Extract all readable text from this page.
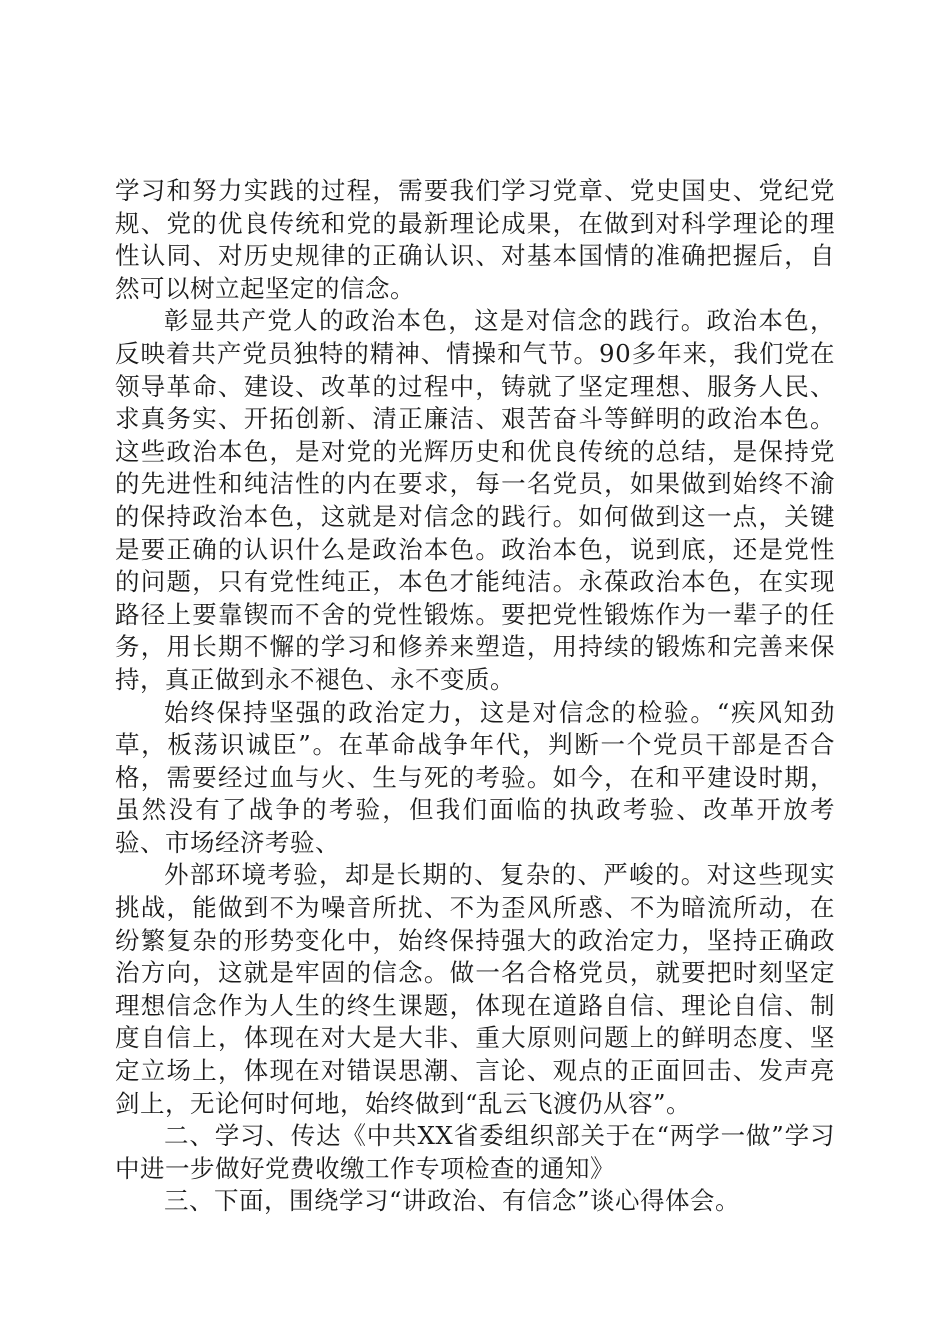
学习和努力实践的过程，需要我们学习党章、党史国史、党纪党规、党的优良传统和党的最新理论成果，在做到对科学理论的理性认同、对历史规律的正确认识、对基本国情的准确把握后，自然可以树立起坚定的信念。

彰显共产党人的政治本色，这是对信念的践行。政治本色，反映着共产党员独特的精神、情操和气节。90多年来，我们党在领导革命、建设、改革的过程中，铸就了坚定理想、服务人民、求真务实、开拓创新、清正廉洁、艰苦奋斗等鲜明的政治本色。这些政治本色，是对党的光辉历史和优良传统的总结，是保持党的先进性和纯洁性的内在要求，每一名党员，如果做到始终不渝的保持政治本色，这就是对信念的践行。如何做到这一点，关键是要正确的认识什么是政治本色。政治本色，说到底，还是党性的问题，只有党性纯正，本色才能纯洁。永葆政治本色，在实现路径上要靠锲而不舍的党性锻炼。要把党性锻炼作为一辈子的任务，用长期不懈的学习和修养来塑造，用持续的锻炼和完善来保持，真正做到永不褪色、永不变质。

始终保持坚强的政治定力，这是对信念的检验。“疾风知劲草，板荡识诚臣”。在革命战争年代，判断一个党员干部是否合格，需要经过血与火、生与死的考验。如今，在和平建设时期，虽然没有了战争的考验，但我们面临的执政考验、改革开放考验、市场经济考验、

外部环境考验，却是长期的、复杂的、严峻的。对这些现实挑战，能做到不为噪音所扰、不为歪风所惑、不为暗流所动，在纷繁复杂的形势变化中，始终保持强大的政治定力，坚持正确政治方向，这就是牢固的信念。做一名合格党员，就要把时刻坚定理想信念作为人生的终生课题，体现在道路自信、理论自信、制度自信上，体现在对大是大非、重大原则问题上的鲜明态度、坚定立场上，体现在对错误思潮、言论、观点的正面回击、发声亮剑上，无论何时何地，始终做到“乱云飞渡仍从容”。

二、学习、传达《中共XX省委组织部关于在“两学一做”学习中进一步做好党费收缴工作专项检查的通知》

三、下面，围绕学习“讲政治、有信念”谈心得体会。
